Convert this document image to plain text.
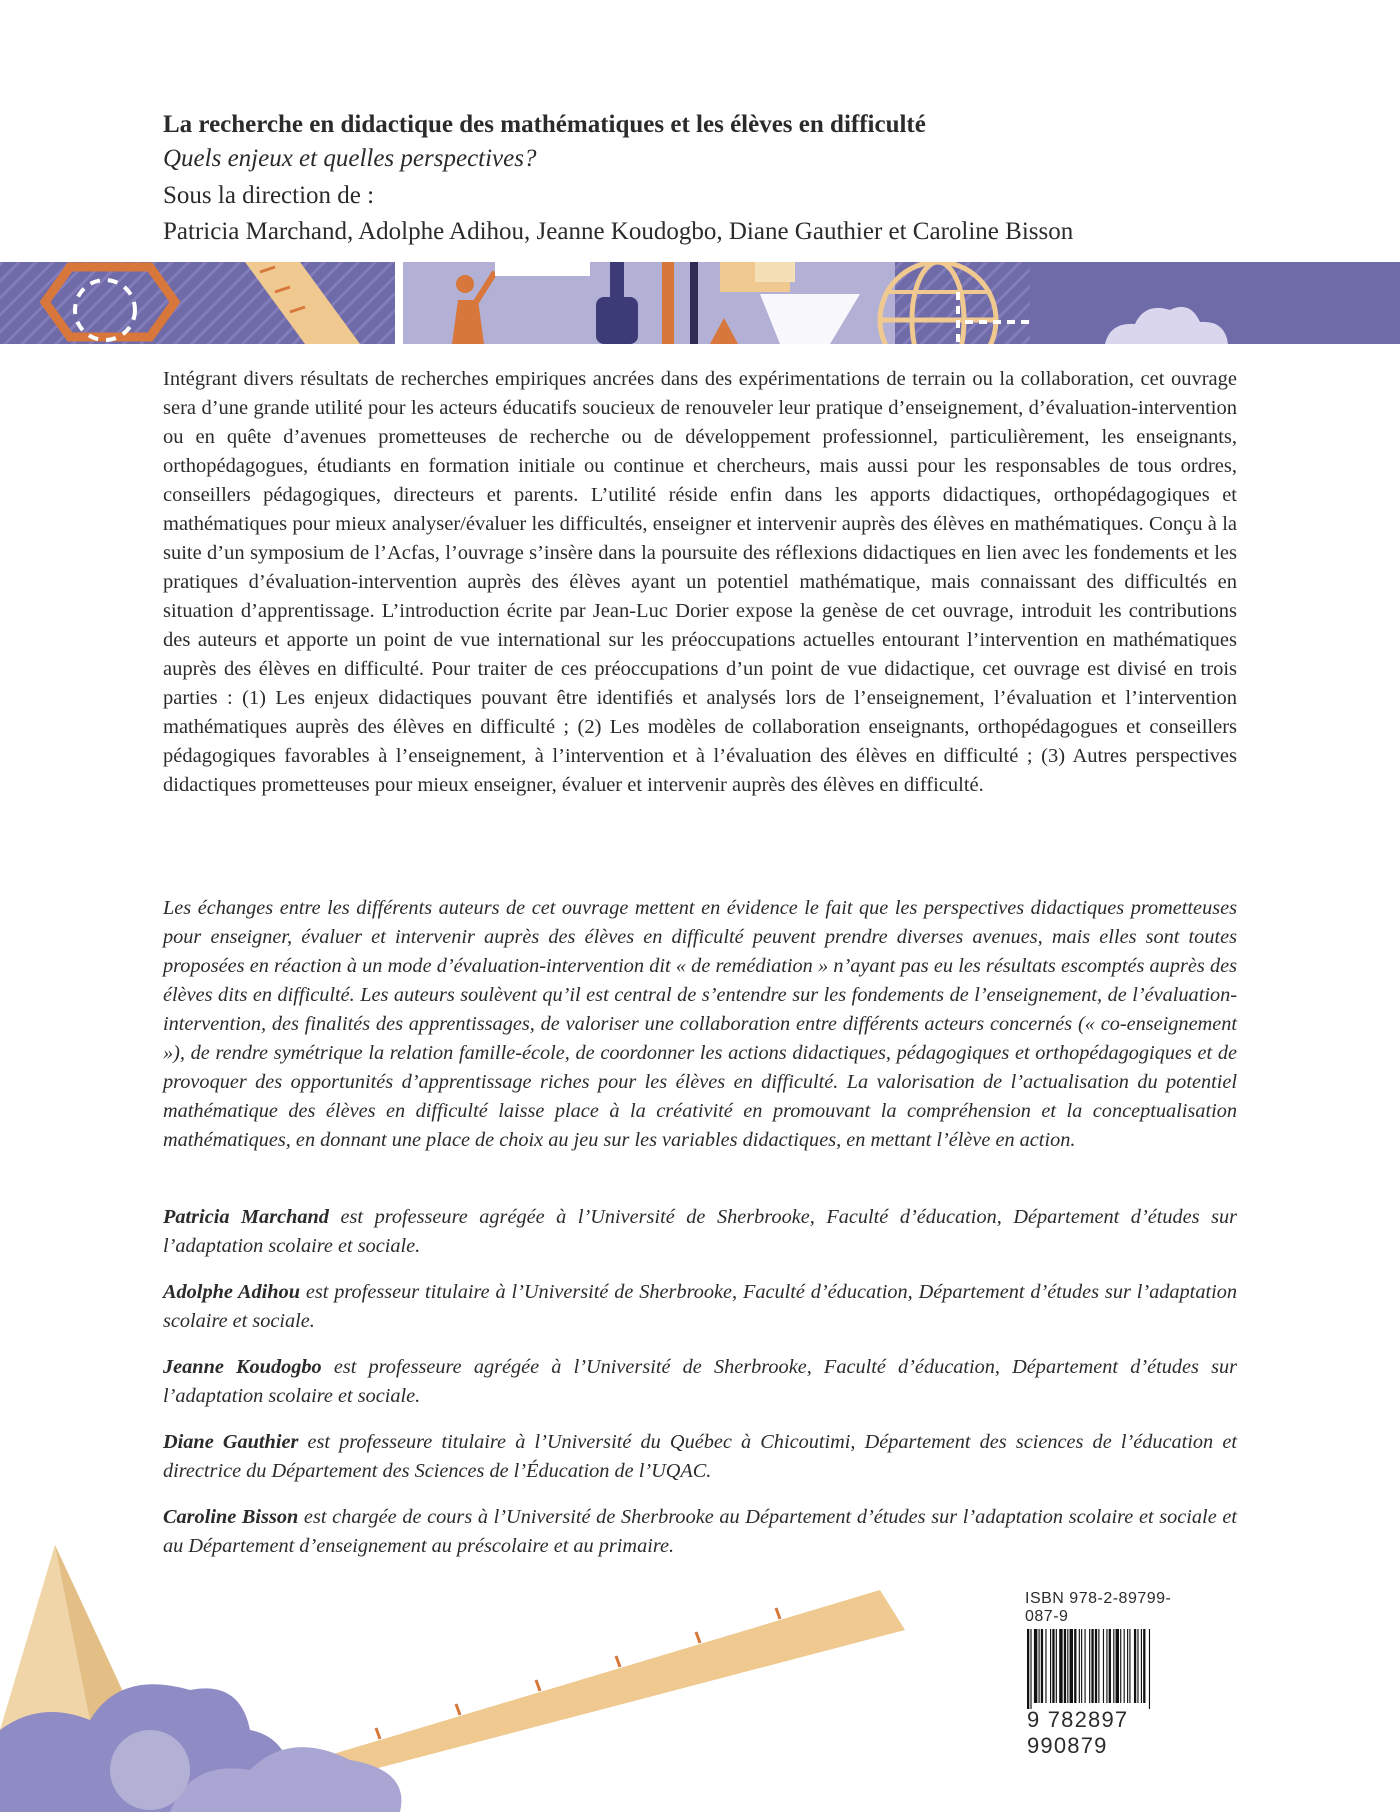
La recherche en didactique des mathématiques et les élèves en difficulté
Quels enjeux et quelles perspectives?
Sous la direction de :
Patricia Marchand, Adolphe Adihou, Jeanne Koudogbo, Diane Gauthier et Caroline Bisson

Intégrant divers résultats de recherches empiriques ancrées dans des expérimentations de terrain ou la collaboration, cet ouvrage sera d’une grande utilité pour les acteurs éducatifs soucieux de renouveler leur pratique d’enseignement, d’évaluation-intervention ou en quête d’avenues prometteuses de recherche ou de développement professionnel, particulièrement, les enseignants, orthopédagogues, étudiants en formation initiale ou continue et chercheurs, mais aussi pour les responsables de tous ordres, conseillers pédagogiques, directeurs et parents. L’utilité réside enfin dans les apports didactiques, orthopédagogiques et mathématiques pour mieux analyser/évaluer les difficultés, enseigner et intervenir auprès des élèves en mathématiques. Conçu à la suite d’un symposium de l’Acfas, l’ouvrage s’insère dans la poursuite des réflexions didactiques en lien avec les fondements et les pratiques d’évaluation-intervention auprès des élèves ayant un potentiel mathématique, mais connaissant des difficultés en situation d’apprentissage. L’introduction écrite par Jean-Luc Dorier expose la genèse de cet ouvrage, introduit les contributions des auteurs et apporte un point de vue international sur les préoccupations actuelles entourant l’intervention en mathématiques auprès des élèves en difficulté. Pour traiter de ces préoccupations d’un point de vue didactique, cet ouvrage est divisé en trois parties : (1) Les enjeux didactiques pouvant être identifiés et analysés lors de l’enseignement, l’évaluation et l’intervention mathématiques auprès des élèves en difficulté ; (2) Les modèles de collaboration enseignants, orthopédagogues et conseillers pédagogiques favorables à l’enseignement, à l’intervention et à l’évaluation des élèves en difficulté ; (3) Autres perspectives didactiques prometteuses pour mieux enseigner, évaluer et intervenir auprès des élèves en difficulté.

Les échanges entre les différents auteurs de cet ouvrage mettent en évidence le fait que les perspectives didactiques prometteuses pour enseigner, évaluer et intervenir auprès des élèves en difficulté peuvent prendre diverses avenues, mais elles sont toutes proposées en réaction à un mode d’évaluation-intervention dit « de remédiation » n’ayant pas eu les résultats escomptés auprès des élèves dits en difficulté. Les auteurs soulèvent qu’il est central de s’entendre sur les fondements de l’enseignement, de l’évaluation-intervention, des finalités des apprentissages, de valoriser une collaboration entre différents acteurs concernés (« co-enseignement »), de rendre symétrique la relation famille-école, de coordonner les actions didactiques, pédagogiques et orthopédagogiques et de provoquer des opportunités d’apprentissage riches pour les élèves en difficulté. La valorisation de l’actualisation du potentiel mathématique des élèves en difficulté laisse place à la créativité en promouvant la compréhension et la conceptualisation mathématiques, en donnant une place de choix au jeu sur les variables didactiques, en mettant l’élève en action.

Patricia Marchand est professeure agrégée à l’Université de Sherbrooke, Faculté d’éducation, Département d’études sur l’adaptation scolaire et sociale.

Adolphe Adihou est professeur titulaire à l’Université de Sherbrooke, Faculté d’éducation, Département d’études sur l’adaptation scolaire et sociale.

Jeanne Koudogbo est professeure agrégée à l’Université de Sherbrooke, Faculté d’éducation, Département d’études sur l’adaptation scolaire et sociale.

Diane Gauthier est professeure titulaire à l’Université du Québec à Chicoutimi, Département des sciences de l’éducation et directrice du Département des Sciences de l’Éducation de l’UQAC.

Caroline Bisson est chargée de cours à l’Université de Sherbrooke au Département d’études sur l’adaptation scolaire et sociale et au Département d’enseignement au préscolaire et au primaire.

ISBN 978-2-89799-087-9
9 782897 990879
